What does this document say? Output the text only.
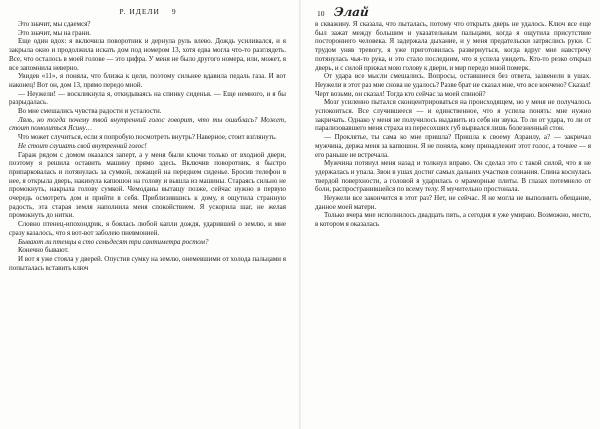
Р. ИДЕЛИ 9

Это значит, мы сдаемся?

Это значит, мы на грани.

Еще один вдох: я включила поворотник и дернула руль влево. Дождь усиливался, и я закрыла окно и продолжила искать дом под номером 13, хотя едва могла что-то разглядеть. Все, что осталось в моей голове — это цифра. У меня не было другого номера, или, может, я все запомнила неверно.

Увидев «11», я поняла, что близка к цели, поэтому сильнее вдавила педаль газа. И вот наконец! Вот он, дом 13, прямо передо мной.

— Неужели! — воскликнула я, откидываясь на спинку сиденья. — Еще немного, и я бы разрыдалась.

Во мне смешались чувства радости и усталости.

Ляль, но тогда почему твой внутренний голос говорит, что ты ошиблась? Может, стоит помолиться Ясину…

Что может случиться, если я попробую посмотреть внутрь? Наверное, стоит взглянуть.

Не стоит слушать свой внутренний голос!

Гараж рядом с домом оказался заперт, а у меня были ключи только от входной двери, поэтому я решила оставить машину прямо здесь. Включив поворотник, я быстро припарковалась и потянулась за сумкой, лежащей на переднем сиденье. Бросив телефон в нее, я открыла дверь, накинула капюшон на голову и вышла из машины. Стараясь сильно не промокнуть, накрыла голову сумкой. Чемоданы вытащу позже, сейчас нужно в первую очередь осмотреть дом и прийти в себя. Приблизившись к дому, я ощутила странную радость, эта старая земля наполнила меня спокойствием. Я ускорила шаг, не желая промокнуть до нитки.

Словно птенец-ипохондрик, я боялась любой капли дождя, ударившей о землю, и мне сразу казалось, что я вот-вот заболею пневмонией.

Бывают ли птенцы в сто семьдесят три сантиметра ростом?

Конечно бывают.

И вот я уже стояла у дверей. Опустив сумку на землю, онемевшими от холода пальцами я попыталась вставить ключ

10 Элай

в скважину. Я сказала, что пыталась, потому что открыть дверь не удалось. Ключ все еще был зажат между большим и указательным пальцами, когда я ощутила присутствие постороннего человека. Я задержала дыхание, и у меня предательски затряслись руки. С трудом уняв тревогу, я уже приготовилась развернуться, когда вдруг мне навстречу потянулась чья-то рука, и это стало последним, что я успела увидеть. Кто-то резко открыл дверь, и с силой прижал мою голову к двери, и мир передо мной померк.

От удара все мысли смешались. Вопросы, оставшиеся без ответа, зазвенели в ушах. Неужели в этот раз мне снова не удалось? Разве брат не сказал мне, что все кончено? Сказал! Черт возьми, он сказал! Тогда кто сейчас за моей спиной?

Мозг усиленно пытался сконцентрироваться на происходящем, но у меня не получалось успокоиться. Все случившееся — и единственное, что я успела понять: мне нужно закричать. Однако у меня не получилось выдавить из себя ни звука. То ли от удара, то ли от парализовавшего меня страха из пересохших губ вырвался лишь болезненный стон.

— Проклятье, ты сама ко мне пришла? Пришла к своему Азраилу, а? — закричал мужчина, держа меня за капюшон. Я не поняла, кому принадлежит этот голос, а точнее — я его раньше не встречала.

Мужчина потянул меня назад и толкнул вправо. Он сделал это с такой силой, что я не удержалась и упала. Звон в ушах достиг самых дальних участков сознания. Спина коснулась твердой поверхности, а головой я ударилась о мраморные плиты. В глазах потемнело от боли, распространившейся по всему телу. Я мучительно простонала.

Неужели все закончится в этот раз? Нет, не сейчас. Я не могла не выполнить обещание, данное моей матери.

Только вчера мне исполнилось двадцать пять, а сегодня я уже умираю. Возможно, место, в котором я оказалась
